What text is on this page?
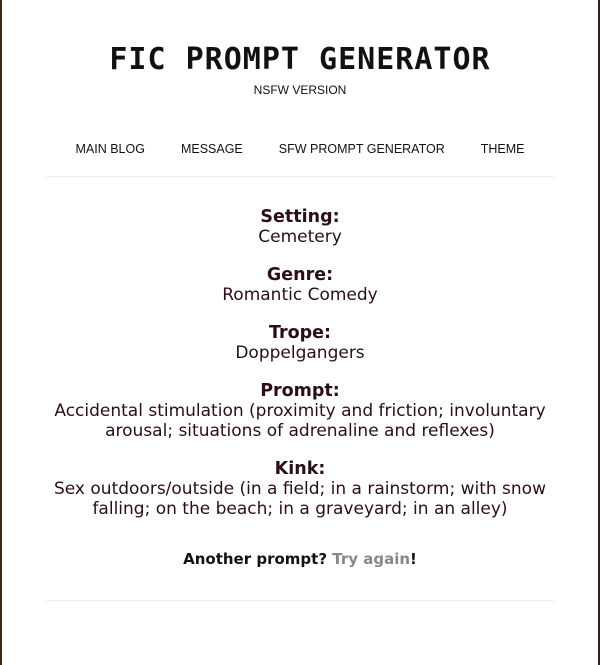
FIC PROMPT GENERATOR
NSFW VERSION
MAIN BLOG	MESSAGE	SFW PROMPT GENERATOR	THEME
Setting:
Cemetery
Genre:
Romantic Comedy
Trope:
Doppelgangers
Prompt:
Accidental stimulation (proximity and friction; involuntary arousal; situations of adrenaline and reflexes)
Kink:
Sex outdoors/outside (in a field; in a rainstorm; with snow falling; on the beach; in a graveyard; in an alley)
Another prompt? Try again!
